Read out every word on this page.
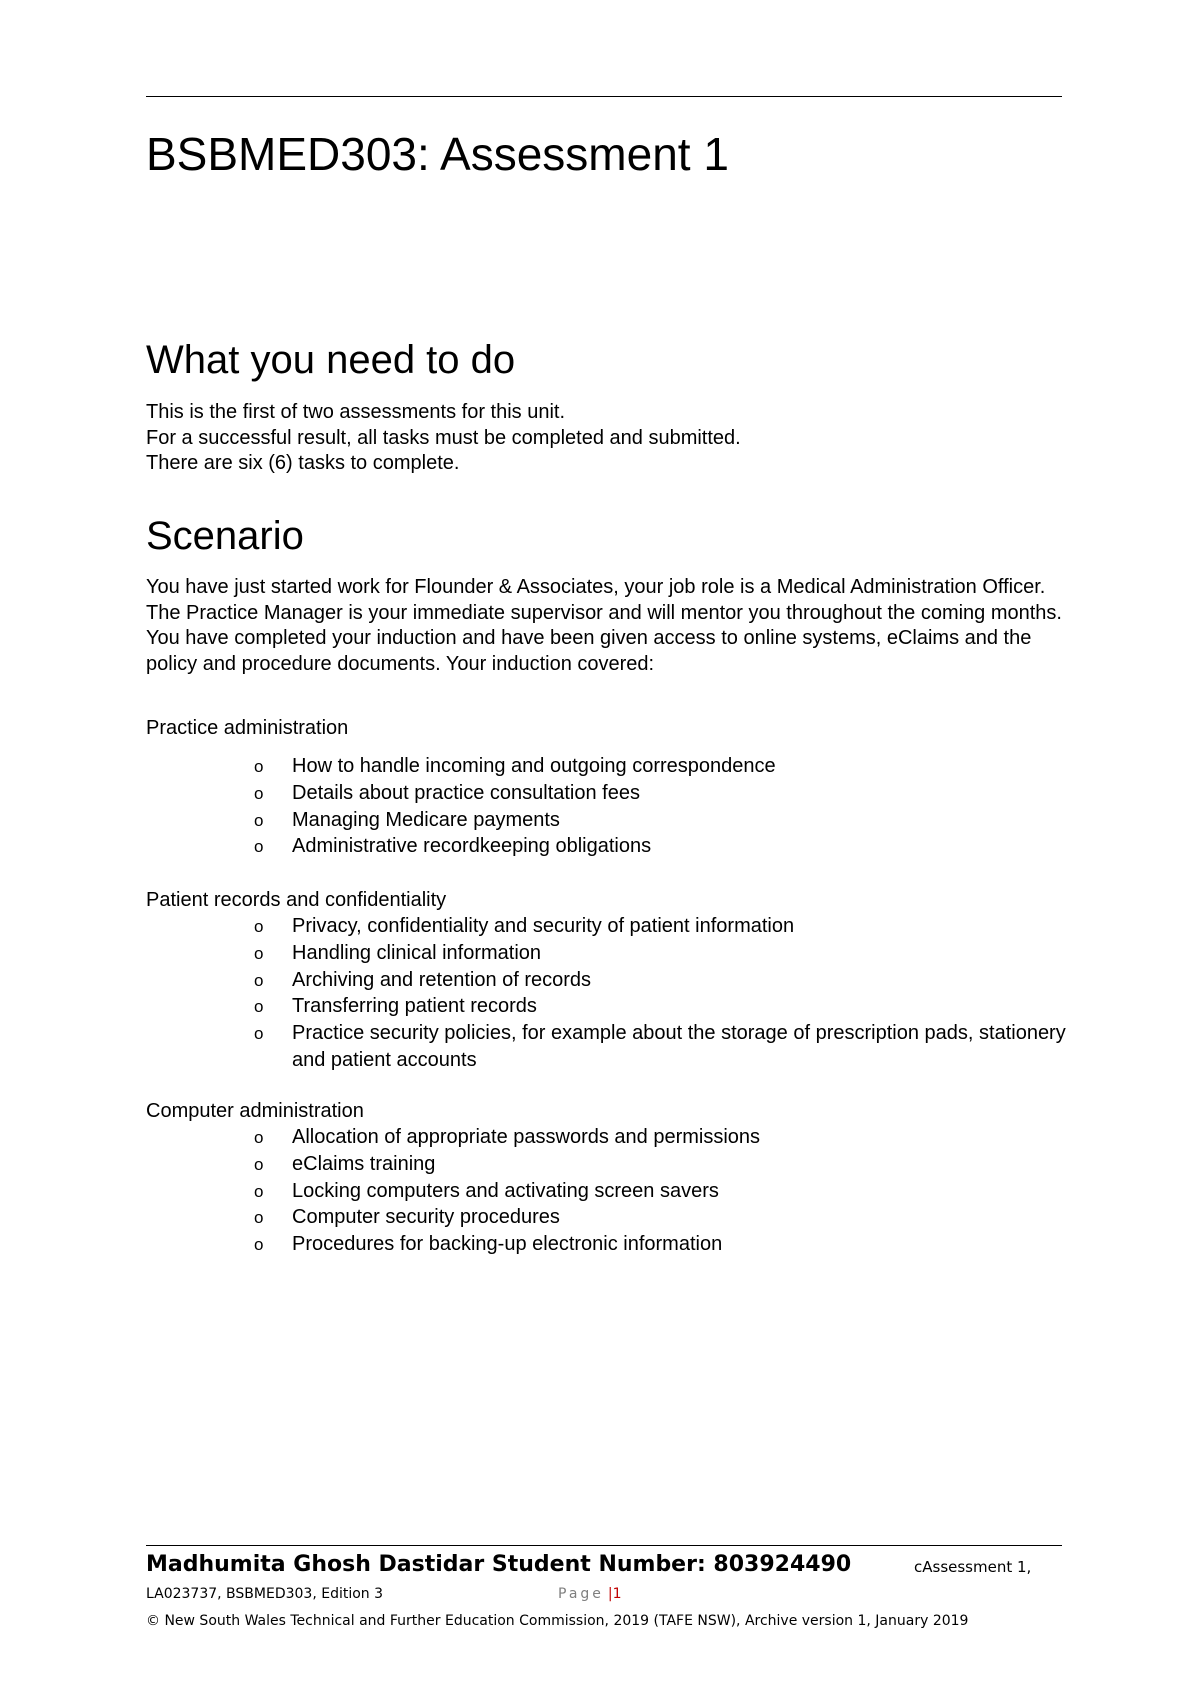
BSBMED303: Assessment 1
What you need to do

This is the first of two assessments for this unit.

For a successful result, all tasks must be completed and submitted.

There are six (6) tasks to complete.

Scenario

You have just started work for Flounder & Associates, your job role is a Medical Administration Officer. The Practice Manager is your immediate supervisor and will mentor you throughout the coming months. You have completed your induction and have been given access to online systems, eClaims and the policy and procedure documents. Your induction covered:

Practice administration

o How to handle incoming and outgoing correspondence
o Details about practice consultation fees
o Managing Medicare payments
o Administrative recordkeeping obligations

Patient records and confidentiality

o Privacy, confidentiality and security of patient information
o Handling clinical information
o Archiving and retention of records
o Transferring patient records
o Practice security policies, for example about the storage of prescription pads, stationery and patient accounts

Computer administration

o Allocation of appropriate passwords and permissions
o eClaims training
o Locking computers and activating screen savers
o Computer security procedures
o Procedures for backing-up electronic information
Madhumita Ghosh Dastidar Student Number: 803924490	cAssessment 1,
LA023737, BSBMED303, Edition 3	Page |1
© New South Wales Technical and Further Education Commission, 2019 (TAFE NSW), Archive version 1, January 2019
